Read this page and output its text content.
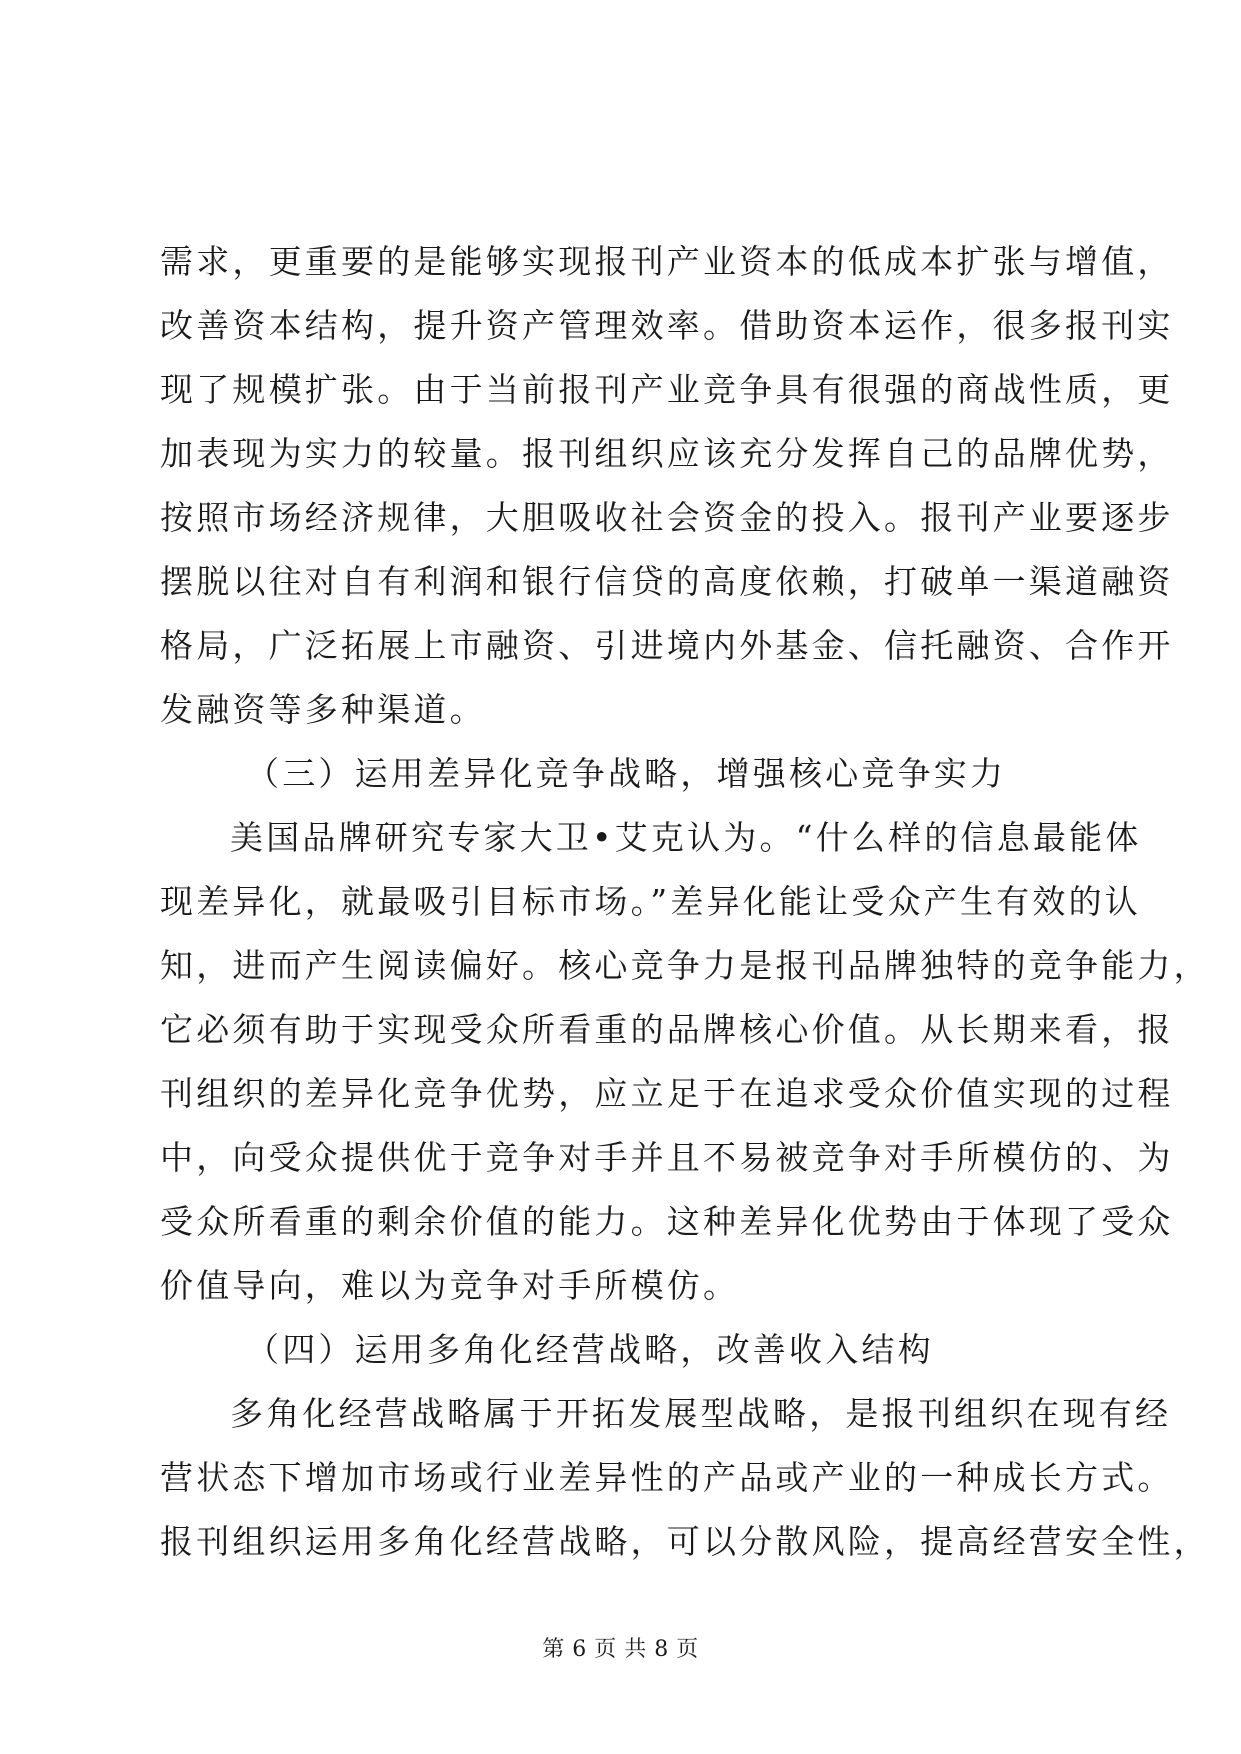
需求，更重要的是能够实现报刊产业资本的低成本扩张与增值，
改善资本结构，提升资产管理效率。借助资本运作，很多报刊实
现了规模扩张。由于当前报刊产业竞争具有很强的商战性质，更
加表现为实力的较量。报刊组织应该充分发挥自己的品牌优势，
按照市场经济规律，大胆吸收社会资金的投入。报刊产业要逐步
摆脱以往对自有利润和银行信贷的高度依赖，打破单一渠道融资
格局，广泛拓展上市融资、引进境内外基金、信托融资、合作开
发融资等多种渠道。
（三）运用差异化竞争战略，增强核心竞争实力
美国品牌研究专家大卫•艾克认为。“什么样的信息最能体
现差异化，就最吸引目标市场。”差异化能让受众产生有效的认
知，进而产生阅读偏好。核心竞争力是报刊品牌独特的竞争能力，
它必须有助于实现受众所看重的品牌核心价值。从长期来看，报
刊组织的差异化竞争优势，应立足于在追求受众价值实现的过程
中，向受众提供优于竞争对手并且不易被竞争对手所模仿的、为
受众所看重的剩余价值的能力。这种差异化优势由于体现了受众
价值导向，难以为竞争对手所模仿。
（四）运用多角化经营战略，改善收入结构
多角化经营战略属于开拓发展型战略，是报刊组织在现有经
营状态下增加市场或行业差异性的产品或产业的一种成长方式。
报刊组织运用多角化经营战略，可以分散风险，提高经营安全性，
第 6 页 共 8 页
